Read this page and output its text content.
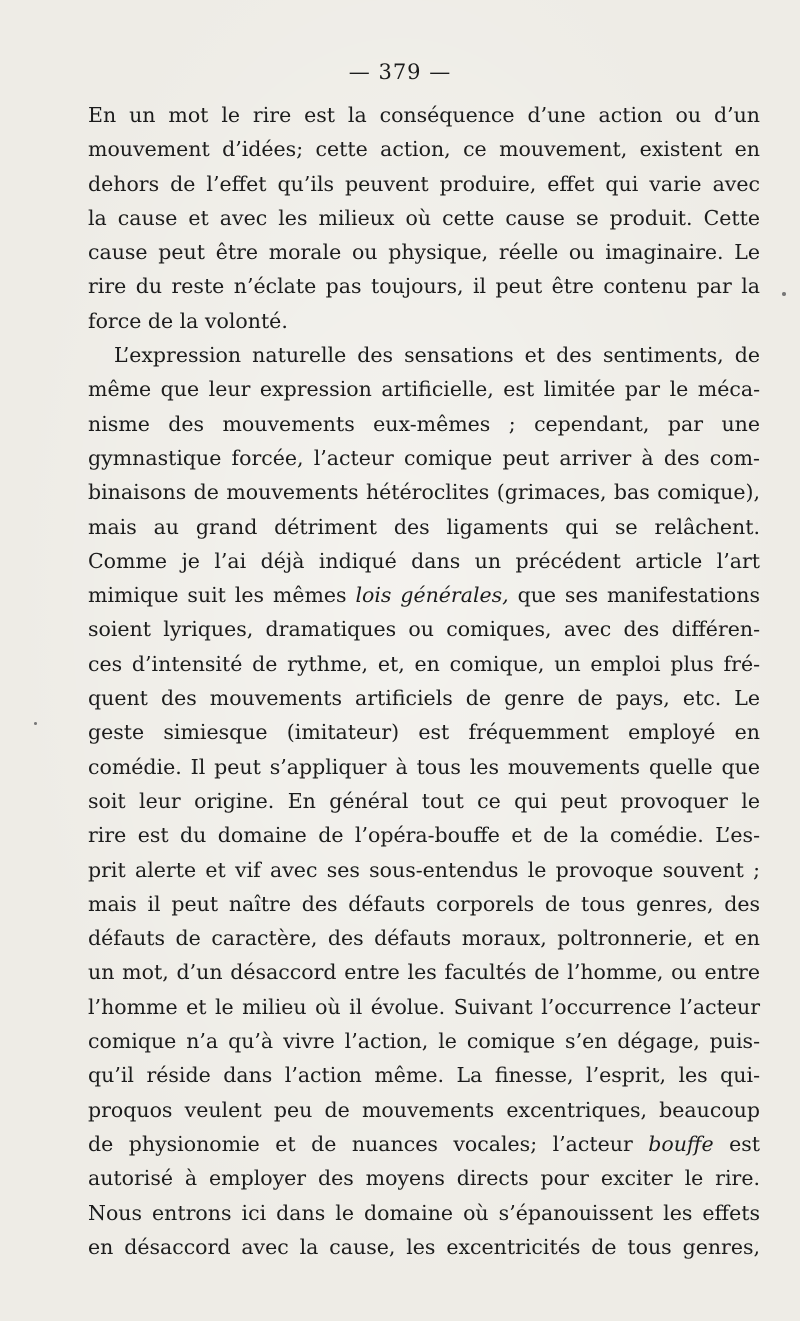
— 379 —
En un mot le rire est la conséquence d’une action ou d’un
mouvement d’idées; cette action, ce mouvement, existent en
dehors de l’effet qu’ils peuvent produire, effet qui varie avec
la cause et avec les milieux où cette cause se produit. Cette
cause peut être morale ou physique, réelle ou imaginaire. Le
rire du reste n’éclate pas toujours, il peut être contenu par la
force de la volonté.
L’expression naturelle des sensations et des sentiments, de
même que leur expression artificielle, est limitée par le méca-
nisme des mouvements eux-mêmes ; cependant, par une
gymnastique forcée, l’acteur comique peut arriver à des com-
binaisons de mouvements hétéroclites (grimaces, bas comique),
mais au grand détriment des ligaments qui se relâchent.
Comme je l’ai déjà indiqué dans un précédent article l’art
mimique suit les mêmes lois générales, que ses manifestations
soient lyriques, dramatiques ou comiques, avec des différen-
ces d’intensité de rythme, et, en comique, un emploi plus fré-
quent des mouvements artificiels de genre de pays, etc. Le
geste simiesque (imitateur) est fréquemment employé en
comédie. Il peut s’appliquer à tous les mouvements quelle que
soit leur origine. En général tout ce qui peut provoquer le
rire est du domaine de l’opéra-bouffe et de la comédie. L’es-
prit alerte et vif avec ses sous-entendus le provoque souvent ;
mais il peut naître des défauts corporels de tous genres, des
défauts de caractère, des défauts moraux, poltronnerie, et en
un mot, d’un désaccord entre les facultés de l’homme, ou entre
l’homme et le milieu où il évolue. Suivant l’occurrence l’acteur
comique n’a qu’à vivre l’action, le comique s’en dégage, puis-
qu’il réside dans l’action même. La finesse, l’esprit, les qui-
proquos veulent peu de mouvements excentriques, beaucoup
de physionomie et de nuances vocales; l’acteur bouffe est
autorisé à employer des moyens directs pour exciter le rire.
Nous entrons ici dans le domaine où s’épanouissent les effets
en désaccord avec la cause, les excentricités de tous genres,
